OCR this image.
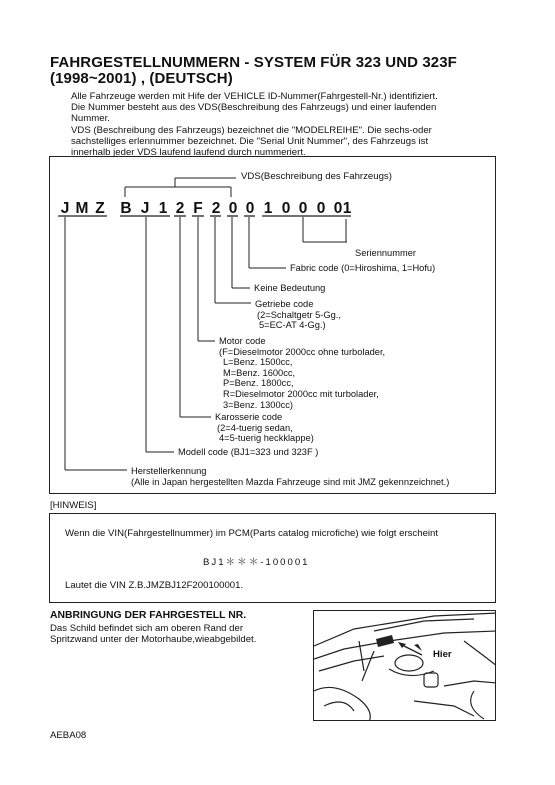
FAHRGESTELLNUMMERN - SYSTEM FÜR 323 UND 323F
(1998~2001) , (DEUTSCH)
Alle Fahrzeuge werden mit Hife der VEHICLE ID-Nummer(Fahrgestell-Nr.) identifiziert.
Die Nummer besteht aus des VDS(Beschreibung des Fahrzeugs) und einer laufenden
Nummer.
VDS (Beschreibung des Fahrzeugs) bezeichnet die "MODELREIHE". Die sechs-oder
sachstelliges erlennummer bezeichnet. Die "Serial Unit Nummer", des Fahrzeugs ist
innerhalb jeder VDS laufend laufend durch nummeriert.
VDS(Beschreibung des Fahrzeugs)
J M Z B J 1 2 F 2 0 0 1 0 0 0 0 1
Seriennummer
Fabric code (0=Hiroshima, 1=Hofu)
Keine Bedeutung
Getriebe code
(2=Schaltgetr 5-Gg.,
5=EC-AT 4-Gg.)
Motor code
(F=Dieselmotor 2000cc ohne turbolader,
L=Benz. 1500cc,
M=Benz. 1600cc,
P=Benz. 1800cc,
R=Dieselmotor 2000cc mit turbolader,
3=Benz. 1300cc)
Karosserie code
(2=4-tuerig sedan,
4=5-tuerig heckklappe)
Modell code (BJ1=323 und 323F )
Herstellerkennung
(Alle in Japan hergestellten Mazda Fahrzeuge sind mit JMZ gekennzeichnet.)
[HINWEIS]
Wenn die VIN(Fahrgestellnummer) im PCM(Parts catalog microfiche) wie folgt erscheint
BJ1＊＊＊-100001
Lautet die VIN Z.B.JMZBJ12F200100001.
ANBRINGUNG DER FAHRGESTELL NR.
Das Schild befindet sich am oberen Rand der
Spritzwand unter der Motorhaube,wieabgebildet.
Hier
AEBA08
